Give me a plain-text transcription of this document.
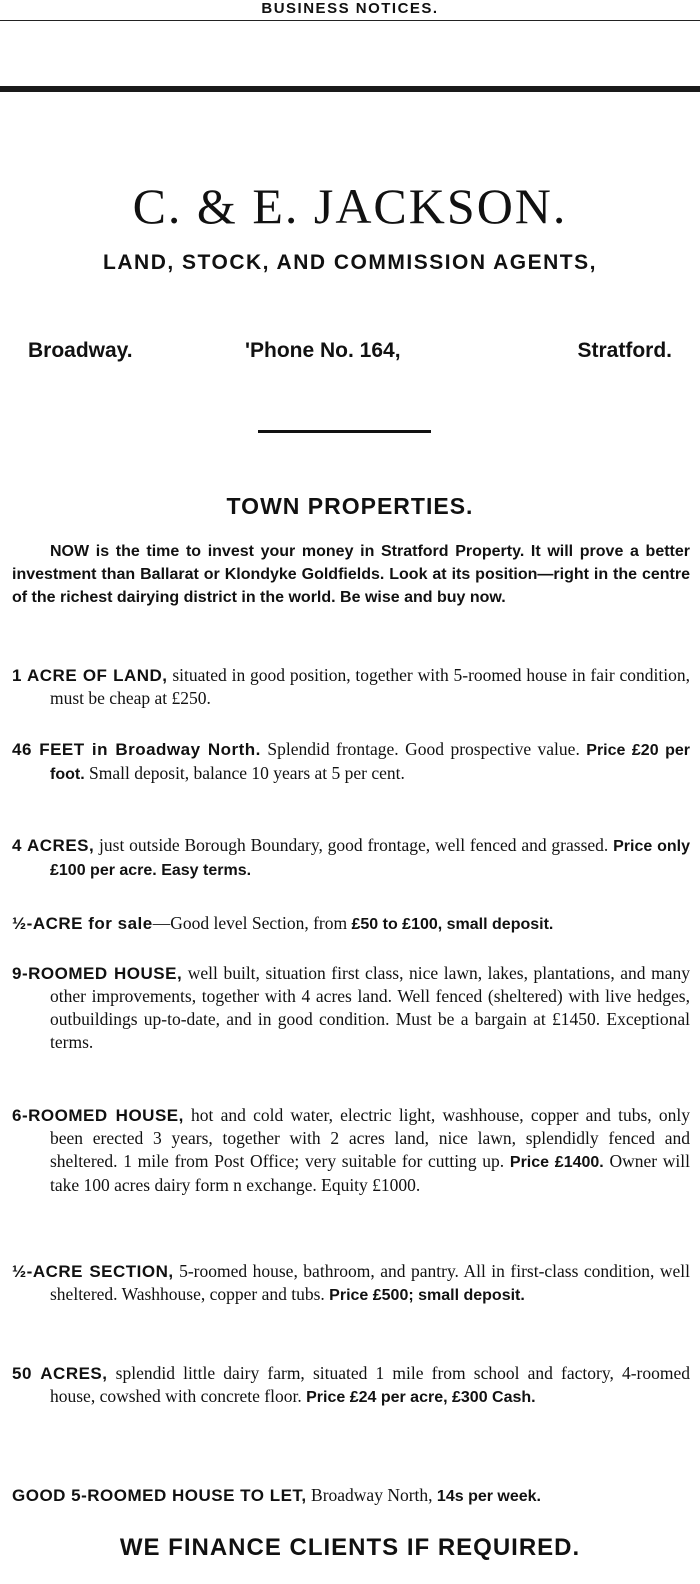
BUSINESS NOTICES.
C. & E. JACKSON.
LAND, STOCK, AND COMMISSION AGENTS,
Broadway.	'Phone No. 164,	Stratford.
TOWN PROPERTIES.
NOW is the time to invest your money in Stratford Property. It will prove a better investment than Ballarat or Klondyke Goldfields. Look at its position—right in the centre of the richest dairying district in the world. Be wise and buy now.
1 ACRE OF LAND, situated in good position, together with 5-roomed house in fair condition, must be cheap at £250.
46 FEET in Broadway North. Splendid frontage. Good prospective value. Price £20 per foot. Small deposit, balance 10 years at 5 per cent.
4 ACRES, just outside Borough Boundary, good frontage, well fenced and grassed. Price only £100 per acre. Easy terms.
½-ACRE for sale—Good level Section, from £50 to £100, small deposit.
9-ROOMED HOUSE, well built, situation first class, nice lawn, lakes, plantations, and many other improvements, together with 4 acres land. Well fenced (sheltered) with live hedges, outbuildings up-to-date, and in good condition. Must be a bargain at £1450. Exceptional terms.
6-ROOMED HOUSE, hot and cold water, electric light, washhouse, copper and tubs, only been erected 3 years, together with 2 acres land, nice lawn, splendidly fenced and sheltered. 1 mile from Post Office; very suitable for cutting up. Price £1400. Owner will take 100 acres dairy form n exchange. Equity £1000.
½-ACRE SECTION, 5-roomed house, bathroom, and pantry. All in first-class condition, well sheltered. Washhouse, copper and tubs. Price £500; small deposit.
50 ACRES, splendid little dairy farm, situated 1 mile from school and factory, 4-roomed house, cowshed with concrete floor. Price £24 per acre, £300 Cash.
GOOD 5-ROOMED HOUSE TO LET, Broadway North, 14s per week.
WE FINANCE CLIENTS IF REQUIRED.
